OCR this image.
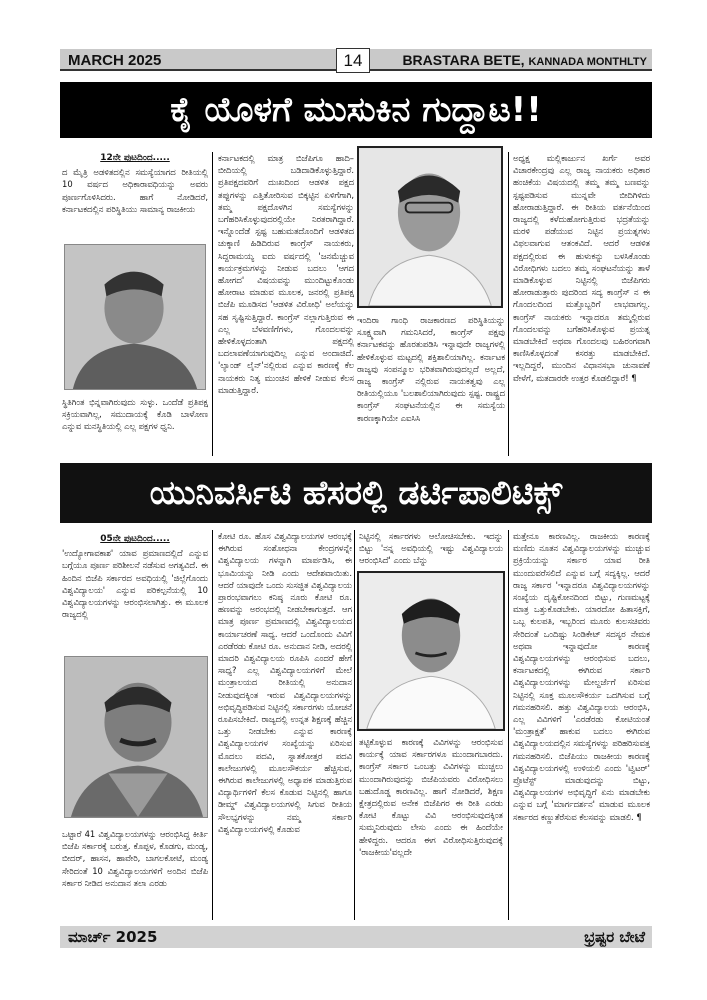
MARCH 2025	14	BRASTARA BETE, KANNADA MONTHLTY
ಕೈ ಯೊಳಗೆ ಮುಸುಕಿನ ಗುದ್ದಾಟ!!
12ನೇ ಪುಟದಿಂದ.....

ದ ಮೈತ್ರಿ ಅಡಳಿತದಲ್ಲಿನ ಸಮಸ್ಯೆಯಾಗದ ರೀತಿಯಲ್ಲಿ 10 ವರ್ಷದ ಅಧಿಕಾರಾವಧಿಯನ್ನು ಅವರು ಪೂರ್ಣಗೊಳಿಸಿದರು. ಹಾಗೆ ನೋಡಿದರೆ, ಕರ್ನಾಟಕದಲ್ಲಿನ ಪರಿಸ್ಥಿತಿಯು ಸಾಮಾನ್ಯ ರಾಜಕೀಯ

ಸ್ಥಿತಿಗಿಂತ ಭಿನ್ನವಾಗಿರುವುದು ಸುಳ್ಳು. ಒಂದೆಡೆ ಪ್ರತಿಪಕ್ಷ ಸಕ್ರಿಯವಾಗಿಲ್ಲ, ಸಮುದಾಯಕ್ಕೆ ಕೊಡಿ ಬಾಳೋಣ ಎನ್ನುವ ಮನಸ್ಥಿತಿಯಲ್ಲಿ ಎಲ್ಲ ಪಕ್ಷಗಳ ಧ್ವನಿ.

ಕರ್ನಾಟಕದಲ್ಲಿ ಮಾತ್ರ ಬಿಜೆಪಿಗೂ ಹಾದಿ– ಬೀದಿಯಲ್ಲಿ ಬಡಿದಾಡಿಕೊಳ್ಳುತ್ತಿದ್ದಾರೆ. ಪ್ರತಿಪಕ್ಷದವರಿಗೆ ದುಃಖದಿಂದ ಆಡಳಿತ ಪಕ್ಷದ ತಪ್ಪುಗಳನ್ನು ಎತ್ತಿತೋರಿಸುವ ಬಿಕ್ಕಟ್ಟಿನ ಏಳಿಗೆಗಾಗಿ, ತಮ್ಮ ಪಕ್ಷದೊಳಗಿನ ಸಮಸ್ಯೆಗಳನ್ನು ಬಗೆಹರಿಸಿಕೊಳ್ಳುವುದರಲ್ಲಿಯೇ ನಿರತರಾಗಿದ್ದಾರೆ. ಇನ್ನೊಂದೆಡೆ ಸ್ಪಷ್ಟ ಬಹುಮತದೊಂದಿಗೆ ಆಡಳಿತದ ಚುಕ್ಕಾಣಿ ಹಿಡಿದಿರುವ ಕಾಂಗ್ರೆಸ್ ನಾಯಕರು, ಸಿದ್ದರಾಮಯ್ಯ ಐದು ವರ್ಷದಲ್ಲಿ 'ಜನಮೆಚ್ಚುವ ಕಾರ್ಯಕ್ರಮಗಳನ್ನು ನೀಡುವ ಬದಲು 'ಆಗದ ಹೋಗದ' ವಿಷಯವನ್ನು ಮುಂದಿಟ್ಟುಕೊಂಡು ಹೋರಾಟ ಮಾಡುವ ಮೂಲಕ, ಜನರಲ್ಲಿ ಪ್ರತಿಪಕ್ಷ ಬಿಜೆಪಿ ಮೂಡಿಸದ 'ಆಡಳಿತ ವಿರೋಧಿ' ಅಲೆಯನ್ನು ಸಹ ಸೃಷ್ಟಿಸುತ್ತಿದ್ದಾರೆ. ಕಾಂಗ್ರೆಸ್ ನಲ್ಲಾಗುತ್ತಿರುವ ಈ ಎಲ್ಲ ಬೆಳವಣಿಗೆಗಳು, ಗೊಂದಲವನ್ನು ಹೇಳಿಕೊಳ್ಳದಂತಾಗಿ ಪಕ್ಷದಲ್ಲಿ ಬದಲಾವಣೆಯಾಗುವುದಿಲ್ಲ ಎನ್ನುವ ಅಂದಾಜಿದೆ. 'ಲ್ಯಾಂಡ್ ಲೈನ್'ನಲ್ಲಿರುವ ಎನ್ನುವ ಕಾರಣಕ್ಕೆ ಕೆಲ ನಾಯಕರು ನಿತ್ಯ ಮುಂಚಿನ ಹೇಳಿಕೆ ನೀಡುವ ಕೆಲಸ ಮಾಡುತ್ತಿದ್ದಾರೆ.

ಇಂದಿರಾ ಗಾಂಧಿ ರಾಜಕಾರಣದ ಪರಿಸ್ಥಿತಿಯನ್ನು ಸೂಕ್ಷ್ಮವಾಗಿ ಗಮನಿಸಿದರೆ, ಕಾಂಗ್ರೆಸ್ ಪಕ್ಷವು ಕರ್ನಾಟಕವನ್ನು ಹೊರತುಪಡಿಸಿ ಇನ್ನಾವುದೇ ರಾಜ್ಯಗಳಲ್ಲಿ ಹೇಳಿಕೊಳ್ಳುವ ಮಟ್ಟದಲ್ಲಿ ಶಕ್ತಿಶಾಲಿಯಾಗಿಲ್ಲ. ಕರ್ನಾಟಕ ರಾಜ್ಯವು ಸಂಪನ್ಮೂಲ ಭರಿತವಾಗಿರುವುದಲ್ಲದೆ ಅಲ್ಲದೆ, ರಾಜ್ಯ ಕಾಂಗ್ರೆಸ್ ನಲ್ಲಿರುವ ನಾಯಕತ್ವವು ಎಲ್ಲ ರೀತಿಯಲ್ಲಿಯೂ 'ಬಲಶಾಲಿಯಾಗಿರುವುದು ಸ್ಪಷ್ಟ. ರಾಷ್ಟ್ರದ ಕಾಂಗ್ರೆಸ್ ಸಂಘಟನೆಯಲ್ಲಿನ ಈ ಸಮಸ್ಯೆಯ ಕಾರಣಕ್ಕಾಗಿಯೇ ಎಐಸಿಸಿ

ಅಧ್ಯಕ್ಷ ಮಲ್ಲಿಕಾರ್ಜುನ ಖರ್ಗೆ ಅವರ ವಿಚಾರಕೇಂದ್ರವು ಎಲ್ಲ ರಾಜ್ಯ ನಾಯಕರು ಅಧಿಕಾರ ಹಂಚಿಕೆಯ ವಿಷಯದಲ್ಲಿ ತಮ್ಮ ತಮ್ಮ ಬಣವನ್ನು ಸ್ಪಷ್ಟಪಡಿಸುವ ಮುನ್ನವೇ ಬೀದಿಗಿಳಿದು ಹೋರಾಡುತ್ತಿದ್ದಾರೆ. ಈ ರೀತಿಯ ವರ್ತನೆಯಿಂದ ರಾಜ್ಯದಲ್ಲಿ ಕಳೆದುಹೋಗುತ್ತಿರುವ ಭದ್ರತೆಯನ್ನು ಮರಳಿ ಪಡೆಯುವ ನಿಟ್ಟಿನ ಪ್ರಯತ್ನಗಳು ವಿಫಲವಾಗುವ ಆತಂಕವಿದೆ. ಆದರೆ ಆಡಳಿತ ಪಕ್ಷದಲ್ಲಿರುವ ಈ ಹುಳುಕನ್ನು ಬಳಸಿಕೊಂಡು ವಿರೋಧಿಗಳು ಬದಲು ತಮ್ಮ ಸಂಘಟನೆಯನ್ನು ತಾಳೆ ಮಾಡಿಕೊಳ್ಳುವ ನಿಟ್ಟಿನಲ್ಲಿ ಬಿಜೆಪಿಗರು ಹೋರಾಡುತ್ತಾರು ಪುದರಿಂದ ಸದ್ಯ ಕಾಂಗ್ರೆಸ್ ನ ಈ ಗೊಂದಲದಿಂದ ಮತ್ತೊಬ್ಬರಿಗೆ ಲಾಭವಾಗಲ್ಲ. ಕಾಂಗ್ರೆಸ್ ನಾಯಕರು ಇನ್ನಾದರೂ ತಮ್ಮಲ್ಲಿರುವ ಗೊಂದಲವನ್ನು ಬಗೆಹರಿಸಿಕೊಳ್ಳುವ ಪ್ರಯತ್ನ ಮಾಡಬೇಕಿದೆ ಅಥವಾ ಗೊಂದಲವು ಬಹಿರಂಗವಾಗಿ ಕಾಣಿಸಿಕೊಳ್ಳದಂತೆ ಕಸರತ್ತು ಮಾಡಬೇಕಿದೆ. ಇಲ್ಲದಿದ್ದರೆ, ಮುಂದಿನ ವಿಧಾನಸಭಾ ಚುನಾವಣೆ ವೇಳೆಗೆ, ಮತದಾರರೇ ಉತ್ತರ ಕೊಡಲಿದ್ದಾರೆ! ¶

ಯುನಿವರ್ಸಿಟಿ ಹೆಸರಲ್ಲಿ ಡರ್ಟಿಪಾಲಿಟಿಕ್ಸ್
05ನೇ ಪುಟದಿಂದ.....

'ಉದ್ಯೋಗಾವಕಾಶ' ಯಾವ ಪ್ರಮಾಣದಲ್ಲಿದೆ ಎನ್ನುವ ಬಗ್ಗೆಯೂ ಪೂರ್ಣ ಪರಿಶೀಲನೆ ನಡೆಸುವ ಅಗತ್ಯವಿದೆ. ಈ ಹಿಂದಿನ ಬಿಜೆಪಿ ಸರ್ಕಾರದ ಅವಧಿಯಲ್ಲಿ 'ಜಿಲ್ಲೆಗೊಂದು ವಿಶ್ವವಿದ್ಯಾಲಯ' ಎನ್ನುವ ಪರಿಕಲ್ಪನೆಯಲ್ಲಿ 10 ವಿಶ್ವವಿದ್ಯಾಲಯಗಳನ್ನು ಆರಂಭಿಸಲಾಗಿತ್ತು. ಈ ಮೂಲಕ ರಾಜ್ಯದಲ್ಲಿ

ಒಟ್ಟಾರೆ 41 ವಿಶ್ವವಿದ್ಯಾಲಯಗಳನ್ನು ಆರಂಭಿಸಿದ್ದ ಕೀರ್ತಿ ಬಿಜೆಪಿ ಸರ್ಕಾರಕ್ಕೆ ಬರುತ್ತ. ಕೊಪ್ಪಳ, ಕೊಡಗು, ಮಂಡ್ಯ, ಬೀದರ್, ಹಾಸನ, ಹಾವೇರಿ, ಬಾಗಲಕೋಟೆ, ಮಂಡ್ಯ ಸೇರಿದಂತೆ 10 ವಿಶ್ವವಿದ್ಯಾಲಯಗಳಿಗೆ ಅಂದಿನ ಬಿಜೆಪಿ ಸರ್ಕಾರ ನೀಡಿದ ಅನುದಾನ ತಲಾ ಎರಡು

ಕೋಟಿ ರೂ. ಹೊಸ ವಿಶ್ವವಿದ್ಯಾಲಯಗಳ ಆರಂಭಕ್ಕೆ ಈಗಿರುವ ಸಂಶೋಧನಾ ಕೇಂದ್ರಗಳನ್ನೇ ವಿಶ್ವವಿದ್ಯಾಲಯ ಗಳನ್ನಾಗಿ ಮಾರ್ಪಡಿಸಿ, ಈ ಭೂಮಿಯನ್ನು ನೀಡಿ ಎಂದು ಆದೇಶವಾಯಿತು. ಆದರೆ ಯಾವುದೇ ಒಂದು ಸುಸಜ್ಜಿತ ವಿಶ್ವವಿದ್ಯಾಲಯ ಪ್ರಾರಂಭವಾಗಲು ಕನಿಷ್ಠ ನೂರು ಕೋಟಿ ರೂ. ಹಣವನ್ನು ಅರಂಭದಲ್ಲಿ ನೀಡಬೇಕಾಗುತ್ತದೆ. ಆಗ ಮಾತ್ರ ಪೂರ್ಣ ಪ್ರಮಾಣದಲ್ಲಿ ವಿಶ್ವವಿದ್ಯಾಲಯದ ಕಾರ್ಯಾಚರಣೆ ಸಾಧ್ಯ. ಆದರೆ ಒಂದೊಂದು ವಿವಿಗೆ ಎರಡೆರಡು ಕೋಟಿ ರೂ. ಅನುದಾನ ನೀಡಿ, ಅದರಲ್ಲಿ ಮಾದರಿ ವಿಶ್ವವಿದ್ಯಾಲಯ ರೂಪಿಸಿ ಎಂದರೆ ಹೇಗೆ ಸಾಧ್ಯ? ಎಲ್ಲ ವಿಶ್ವವಿದ್ಯಾಲಯಗಳಿಗೆ ಮೇಲೆ ಮಂತ್ರಾಲಯದ ರೀತಿಯಲ್ಲಿ ಅನುದಾನ ನೀಡುವುದಕ್ಕಿಂತ ಇರುವ ವಿಶ್ವವಿದ್ಯಾಲಯಗಳನ್ನು ಅಭಿವೃದ್ಧಿಪಡಿಸುವ ನಿಟ್ಟಿನಲ್ಲಿ ಸರ್ಕಾರಗಳು ಯೋಚನೆ ರೂಪಿಸಬೇಕಿದೆ. ರಾಜ್ಯದಲ್ಲಿ ಉನ್ನತ ಶಿಕ್ಷಣಕ್ಕೆ ಹೆಚ್ಚಿನ ಒತ್ತು ನೀಡಬೇಕು ಎನ್ನುವ ಕಾರಣಕ್ಕೆ ವಿಶ್ವವಿದ್ಯಾಲಯಗಳ ಸಂಖ್ಯೆಯನ್ನು ಏರಿಸುವ ಮೊದಲು ಪದವಿ, ಸ್ನಾತಕೋತ್ತರ ಪದವಿ ಕಾಲೇಜುಗಳಲ್ಲಿ ಮೂಲಸೌಕರ್ಯ ಹೆಚ್ಚಿಸುವ, ಈಗಿರುವ ಕಾಲೇಜುಗಳಲ್ಲಿ ಅಧ್ಯಾಪಕ ಮಾಡುತ್ತಿರುವ ವಿದ್ಯಾರ್ಥಿಗಳಿಗೆ ಕೆಲಸ ಕೊಡುವ ನಿಟ್ಟಿನಲ್ಲಿ ಹಾಗೂ ಡೀಮ್ಡ್ ವಿಶ್ವವಿದ್ಯಾಲಯಗಳಲ್ಲಿ ಸಿಗುವ ರೀತಿಯ ಸೌಲಭ್ಯಗಳನ್ನು ನಮ್ಮ ಸರ್ಕಾರಿ ವಿಶ್ವವಿದ್ಯಾಲಯಗಳಲ್ಲಿ ಕೊಡುವ

ನಿಟ್ಟಿನಲ್ಲಿ ಸರ್ಕಾರಗಳು ಆಲೋಚಿಸಬೇಕು. ಇದನ್ನು ಬಿಟ್ಟು 'ನನ್ನ ಅವಧಿಯಲ್ಲಿ ಇಷ್ಟು ವಿಶ್ವವಿದ್ಯಾಲಯ ಆರಂಭಿಸಿದೆ' ಎಂದು ಬೆನ್ನು

ತಟ್ಟಿಕೊಳ್ಳುವ ಕಾರಣಕ್ಕೆ ವಿವಿಗಳನ್ನು ಆರಂಭಿಸುವ ಕಾರ್ಯಕ್ಕೆ ಯಾವ ಸರ್ಕಾರಗಳೂ ಮುಂದಾಗಬಾರದು. ಕಾಂಗ್ರೆಸ್ ಸರ್ಕಾರ ಒಂಬತ್ತು ವಿವಿಗಳನ್ನು ಮುಚ್ಚಲು ಮುಂದಾಗಿರುವುದನ್ನು ಬಿಜೆಪಿಯವರು ವಿರೋಧಿಸಲು ಬಹುದೊಡ್ಡ ಕಾರಣವಿಲ್ಲ. ಹಾಗೆ ನೋಡಿದರೆ, ಶಿಕ್ಷಣ ಕ್ಷೇತ್ರದಲ್ಲಿರುವ ಅನೇಕ ಬಿಜೆಪಿಗರ ಈ ರೀತಿ ಎರಡು ಕೋಟಿ ಕೊಟ್ಟು ವಿವಿ ಆರಂಭಿಸುವುದಕ್ಕಿಂತ ಸುಮ್ಮನಿರುವುದು ಲೇಸು ಎಂದು ಈ ಹಿಂದೆಯೇ ಹೇಳಿದ್ದರು. ಆದರೂ ಈಗ ವಿರೋಧಿಸುತ್ತಿರುವುದಕ್ಕೆ 'ರಾಜಕೀಯ'ವಲ್ಲದೇ

ಮತ್ತೇನೂ ಕಾರಣವಿಲ್ಲ. ರಾಜಕೀಯ ಕಾರಣಕ್ಕೆ ಮಣಿದು ನೂತನ ವಿಶ್ವವಿದ್ಯಾಲಯಗಳನ್ನು ಮುಚ್ಚುವ ಪ್ರಕ್ರಿಯೆಯನ್ನು ಸರ್ಕಾರ ಯಾವ ರೀತಿ ಮುಂದುವರೆಸಲಿದೆ ಎನ್ನುವ ಬಗ್ಗೆ ಸದ್ಯಕ್ಕಿಲ್ಲ. ಆದರೆ ರಾಜ್ಯ ಸರ್ಕಾರ 'ಇನ್ನಾದರೂ ವಿಶ್ವವಿದ್ಯಾಲಯಗಳನ್ನು ಸಂಖ್ಯೆಯ ದೃಷ್ಟಿಕೋನದಿಂದ ಬಿಟ್ಟು, ಗುಣಮಟ್ಟಕ್ಕೆ ಮಾತ್ರ ಒತ್ತುಕೊಡಬೇಕು. ಯಾರದೋ ಹಿತಾಸಕ್ತಿಗೆ, ಒಬ್ಬ ಕುಲಪತಿ, ಇಬ್ಬರಿಂದ ಮೂರು ಕುಲಸಚಿವರು ಸೇರಿದಂತೆ ಒಂದಿಷ್ಟು ಸಿಂಡಿಕೇಟ್ ಸದಸ್ಯರ ನೇಮಕ ಅಥವಾ ಇನ್ನಾವುದೋ ಕಾರಣಕ್ಕೆ ವಿಶ್ವವಿದ್ಯಾಲಯಗಳನ್ನು ಆರಂಭಿಸುವ ಬದಲು, ಕರ್ನಾಟಕದಲ್ಲಿ ಈಗಿರುವ ಸರ್ಕಾರಿ ವಿಶ್ವವಿದ್ಯಾಲಯಗಳನ್ನು ಮೇಲ್ದರ್ಜೆಗೆ ಏರಿಸುವ ನಿಟ್ಟಿನಲ್ಲಿ ಸೂಕ್ತ ಮೂಲಸೌಕರ್ಯ ಒದಗಿಸುವ ಬಗ್ಗೆ ಗಮನಹರಿಸಲಿ. ಹತ್ತು ವಿಶ್ವವಿದ್ಯಾಲಯ ಆರಂಭಿಸಿ, ಎಲ್ಲ ವಿವಿಗಳಿಗೆ 'ಎರಡೆರಡು ಕೋಟಿಯಂತೆ 'ಮಂತ್ರಾಕ್ಷತೆ' ಹಾಕುವ ಬದಲು ಈಗಿರುವ ವಿಶ್ವವಿದ್ಯಾಲಯದಲ್ಲಿನ ಸಮಸ್ಯೆಗಳನ್ನು ಪರಿಹರಿಸುವತ್ತ ಗಮನಹರಿಸಲಿ. ಬಿಜೆಪಿಯು ರಾಜಕೀಯ ಕಾರಣಕ್ಕೆ ವಿಶ್ವವಿದ್ಯಾಲಯಗಳಲ್ಲಿ ಉಳಿಯಲಿ ಎಂದು 'ಟ್ವಿಟರ್' ಪ್ರೊಟೆಸ್ಟ್ ಮಾಡುವುದನ್ನು ಬಿಟ್ಟು, ವಿಶ್ವವಿದ್ಯಾಲಯಗಳ ಅಭಿವೃದ್ಧಿಗೆ ಏನು ಮಾಡಬೇಕು ಎನ್ನುವ ಬಗ್ಗೆ 'ಮಾರ್ಗದರ್ಶನ' ಮಾಡುವ ಮೂಲಕ ಸರ್ಕಾರದ ಕಣ್ಣುತೆರೆಸುವ ಕೆಲಸವನ್ನು ಮಾಡಲಿ. ¶

ಮಾರ್ಚ್ 2025	ಭ್ರಷ್ಟರ ಬೇಟೆ
